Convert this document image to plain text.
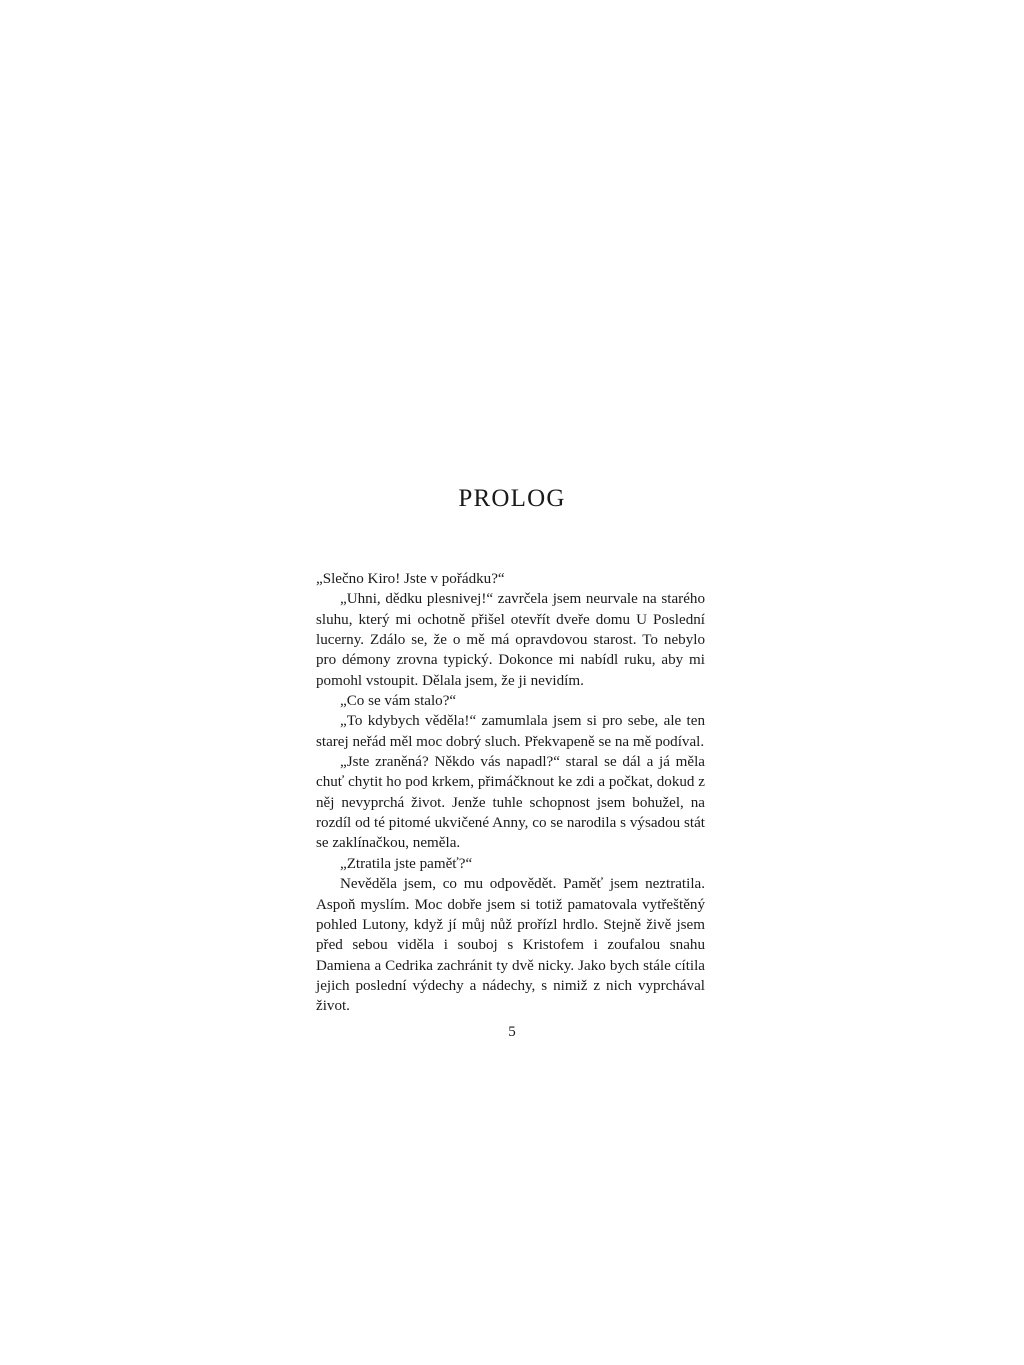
PROLOG

„Slečno Kiro! Jste v pořádku?“

„Uhni, dědku plesnivej!“ zavrčela jsem neurvale na starého sluhu, který mi ochotně přišel otevřít dveře domu U Poslední lucerny. Zdálo se, že o mě má opravdovou starost. To nebylo pro démony zrovna typický. Dokonce mi nabídl ruku, aby mi pomohl vstoupit. Dělala jsem, že ji nevidím.

„Co se vám stalo?“

„To kdybych věděla!“ zamumlala jsem si pro sebe, ale ten starej neřád měl moc dobrý sluch. Překvapeně se na mě podíval.

„Jste zraněná? Někdo vás napadl?“ staral se dál a já měla chuť chytit ho pod krkem, přimáčknout ke zdi a počkat, dokud z něj nevyprchá život. Jenže tuhle schopnost jsem bohužel, na rozdíl od té pitomé ukvičené Anny, co se narodila s výsadou stát se zaklínačkou, neměla.

„Ztratila jste paměť?“

Nevěděla jsem, co mu odpovědět. Paměť jsem neztratila. Aspoň myslím. Moc dobře jsem si totiž pamatovala vytřeštěný pohled Lutony, když jí můj nůž prořízl hrdlo. Stejně živě jsem před sebou viděla i souboj s Kristofem i zoufalou snahu Damiena a Cedrika zachránit ty dvě nicky. Jako bych stále cítila jejich poslední výdechy a nádechy, s nimiž z nich vyprchával život.

5
